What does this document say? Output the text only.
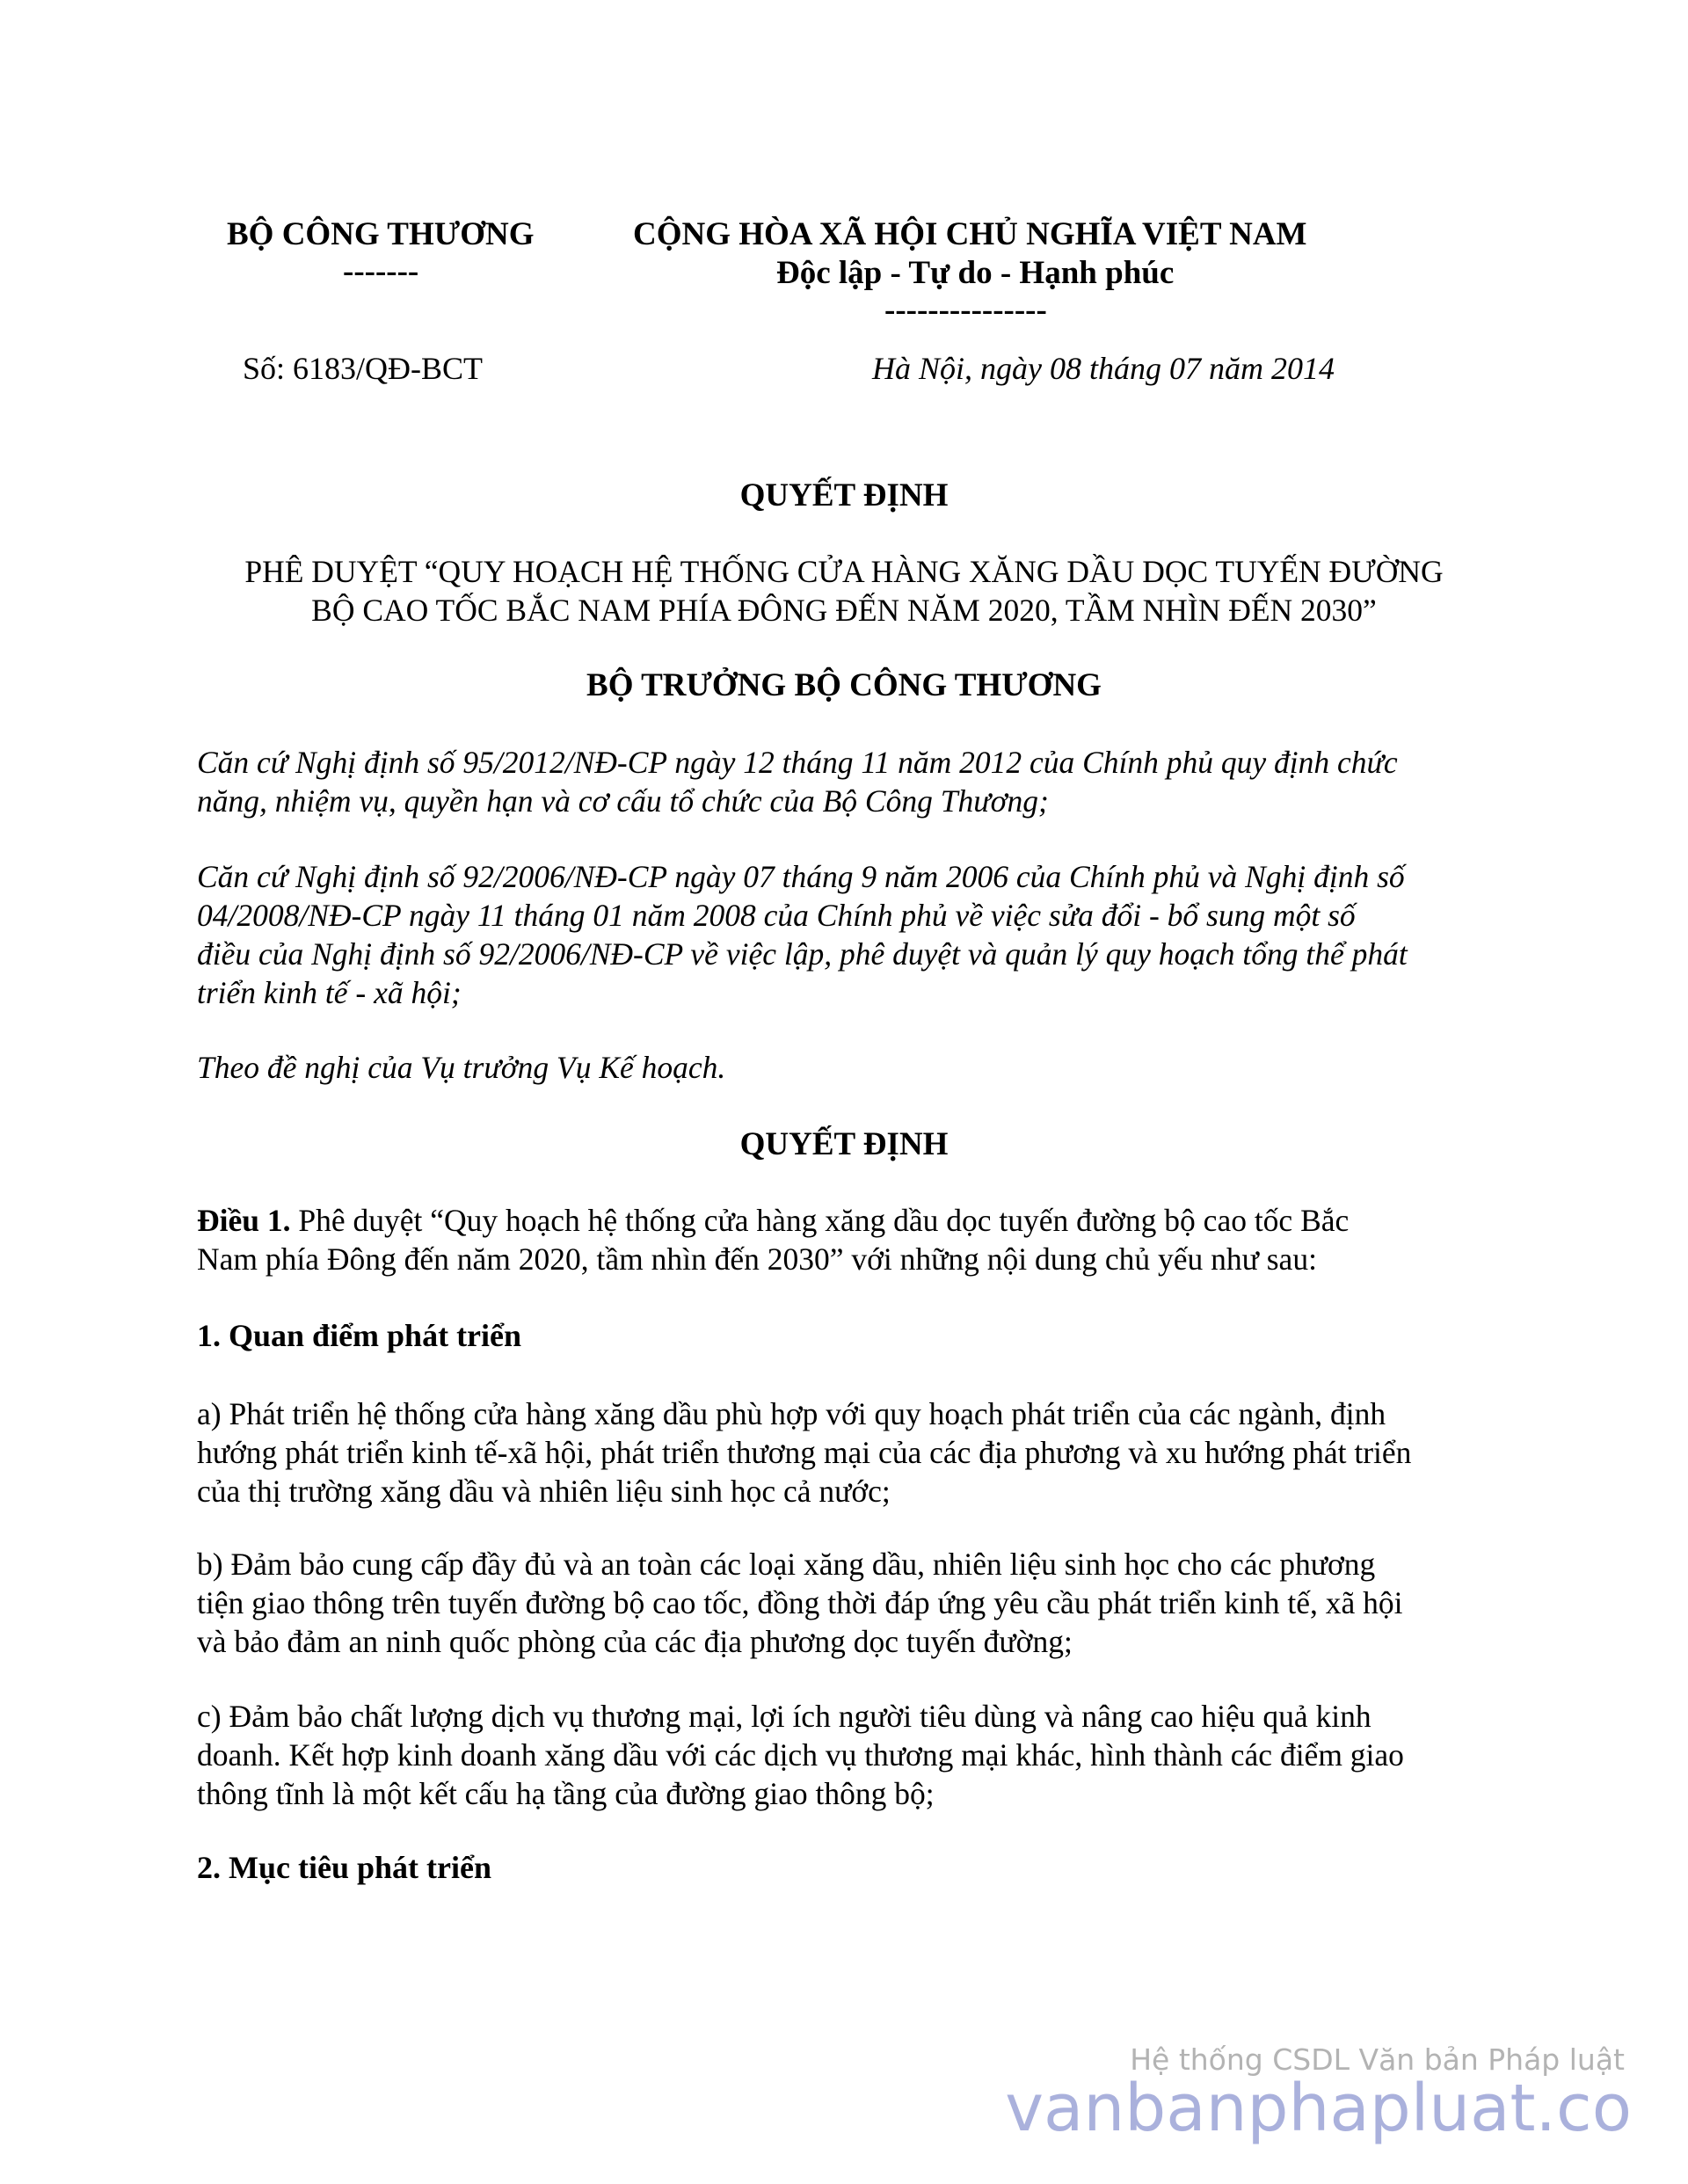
BỘ CÔNG THƯƠNG
-------
CỘNG HÒA XÃ HỘI CHỦ NGHĨA VIỆT NAM
Độc lập - Tự do - Hạnh phúc
---------------
Số: 6183/QĐ-BCT	Hà Nội, ngày 08 tháng 07 năm 2014
QUYẾT ĐỊNH
PHÊ DUYỆT “QUY HOẠCH HỆ THỐNG CỬA HÀNG XĂNG DẦU DỌC TUYẾN ĐƯỜNG
BỘ CAO TỐC BẮC NAM PHÍA ĐÔNG ĐẾN NĂM 2020, TẦM NHÌN ĐẾN 2030”
BỘ TRƯỞNG BỘ CÔNG THƯƠNG
Căn cứ Nghị định số 95/2012/NĐ-CP ngày 12 tháng 11 năm 2012 của Chính phủ quy định chức
năng, nhiệm vụ, quyền hạn và cơ cấu tổ chức của Bộ Công Thương;
Căn cứ Nghị định số 92/2006/NĐ-CP ngày 07 tháng 9 năm 2006 của Chính phủ và Nghị định số
04/2008/NĐ-CP ngày 11 tháng 01 năm 2008 của Chính phủ về việc sửa đổi - bổ sung một số
điều của Nghị định số 92/2006/NĐ-CP về việc lập, phê duyệt và quản lý quy hoạch tổng thể phát
triển kinh tế - xã hội;
Theo đề nghị của Vụ trưởng Vụ Kế hoạch.
QUYẾT ĐỊNH
Điều 1. Phê duyệt “Quy hoạch hệ thống cửa hàng xăng dầu dọc tuyến đường bộ cao tốc Bắc
Nam phía Đông đến năm 2020, tầm nhìn đến 2030” với những nội dung chủ yếu như sau:
1. Quan điểm phát triển
a) Phát triển hệ thống cửa hàng xăng dầu phù hợp với quy hoạch phát triển của các ngành, định
hướng phát triển kinh tế-xã hội, phát triển thương mại của các địa phương và xu hướng phát triển
của thị trường xăng dầu và nhiên liệu sinh học cả nước;
b) Đảm bảo cung cấp đầy đủ và an toàn các loại xăng dầu, nhiên liệu sinh học cho các phương
tiện giao thông trên tuyến đường bộ cao tốc, đồng thời đáp ứng yêu cầu phát triển kinh tế, xã hội
và bảo đảm an ninh quốc phòng của các địa phương dọc tuyến đường;
c) Đảm bảo chất lượng dịch vụ thương mại, lợi ích người tiêu dùng và nâng cao hiệu quả kinh
doanh. Kết hợp kinh doanh xăng dầu với các dịch vụ thương mại khác, hình thành các điểm giao
thông tĩnh là một kết cấu hạ tầng của đường giao thông bộ;
2. Mục tiêu phát triển
Hệ thống CSDL Văn bản Pháp luật
vanbanphapluat.co
